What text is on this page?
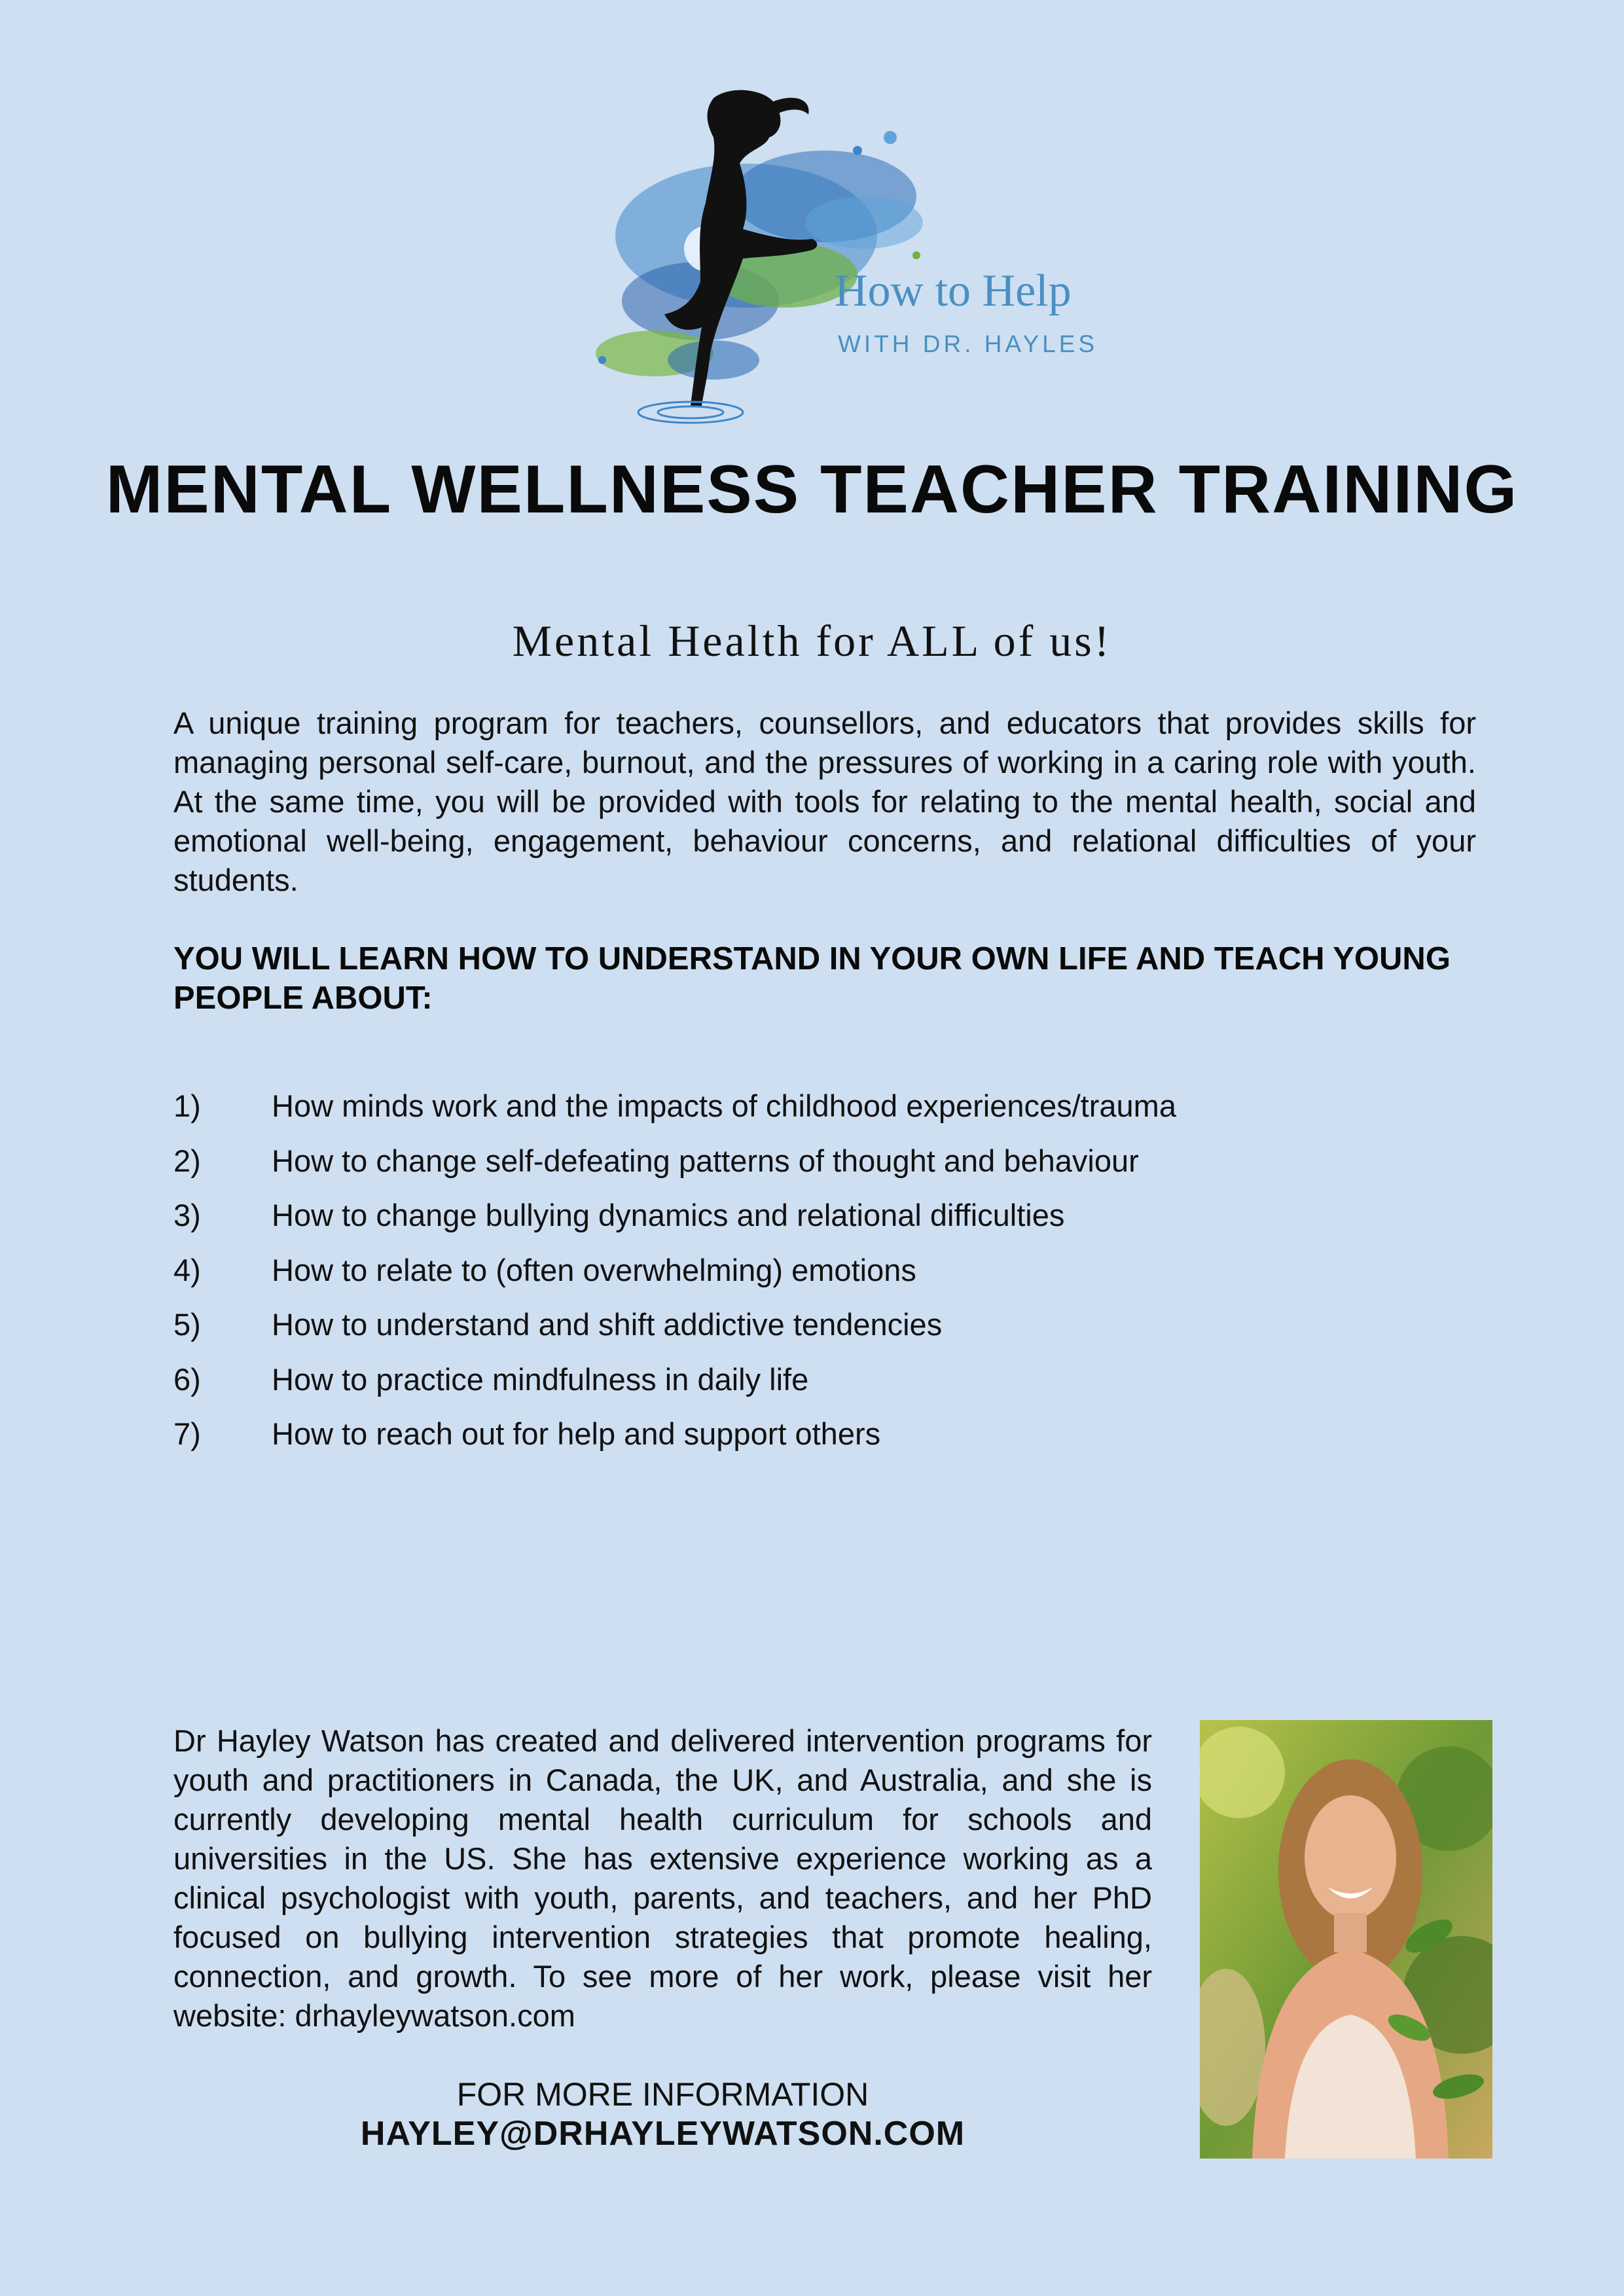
How to Help
WITH DR. HAYLES
MENTAL WELLNESS TEACHER TRAINING
Mental Health for ALL of us!

A unique training program for teachers, counsellors, and educators that provides skills for managing personal self-care, burnout, and the pressures of working in a caring role with youth. At the same time, you will be provided with tools for relating to the mental health, social and emotional well-being, engagement, behaviour concerns, and relational difficulties of your students.

YOU WILL LEARN HOW TO UNDERSTAND IN YOUR OWN LIFE AND TEACH YOUNG PEOPLE ABOUT:
1) How minds work and the impacts of childhood experiences/trauma
2) How to change self-defeating patterns of thought and behaviour
3) How to change bullying dynamics and relational difficulties
4) How to relate to (often overwhelming) emotions
5) How to understand and shift addictive tendencies
6) How to practice mindfulness in daily life
7) How to reach out for help and support others

Dr Hayley Watson has created and delivered intervention programs for youth and practitioners in Canada, the UK, and Australia, and she is currently developing mental health curriculum for schools and universities in the US. She has extensive experience working as a clinical psychologist with youth, parents, and teachers, and her PhD focused on bullying intervention strategies that promote healing, connection, and growth. To see more of her work, please visit her website: drhayleywatson.com

FOR MORE INFORMATION

HAYLEY@DRHAYLEYWATSON.COM
